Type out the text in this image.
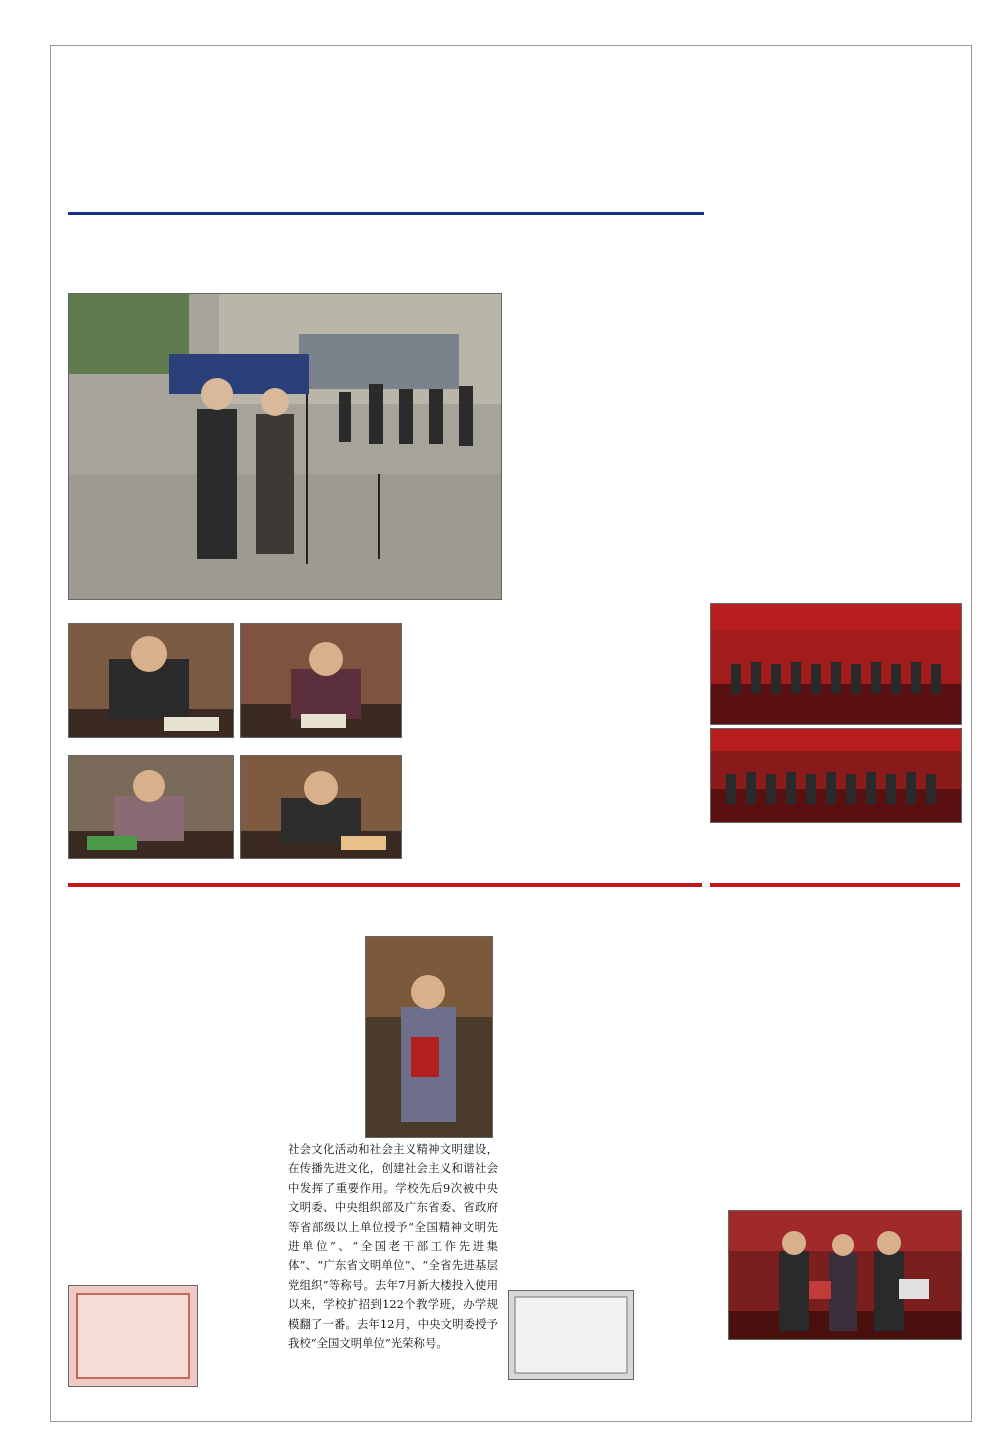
社会文化活动和社会主义精神文明建设，在传播先进文化，创建社会主义和谐社会中发挥了重要作用。学校先后9次被中央文明委、中央组织部及广东省委、省政府等省部级以上单位授予“全国精神文明先进单位”、“全国老干部工作先进集体”、“广东省文明单位”、“全省先进基层党组织”等称号。去年7月新大楼投入使用以来，学校扩招到122个教学班，办学规模翻了一番。去年12月，中央文明委授予我校“全国文明单位”光荣称号。
